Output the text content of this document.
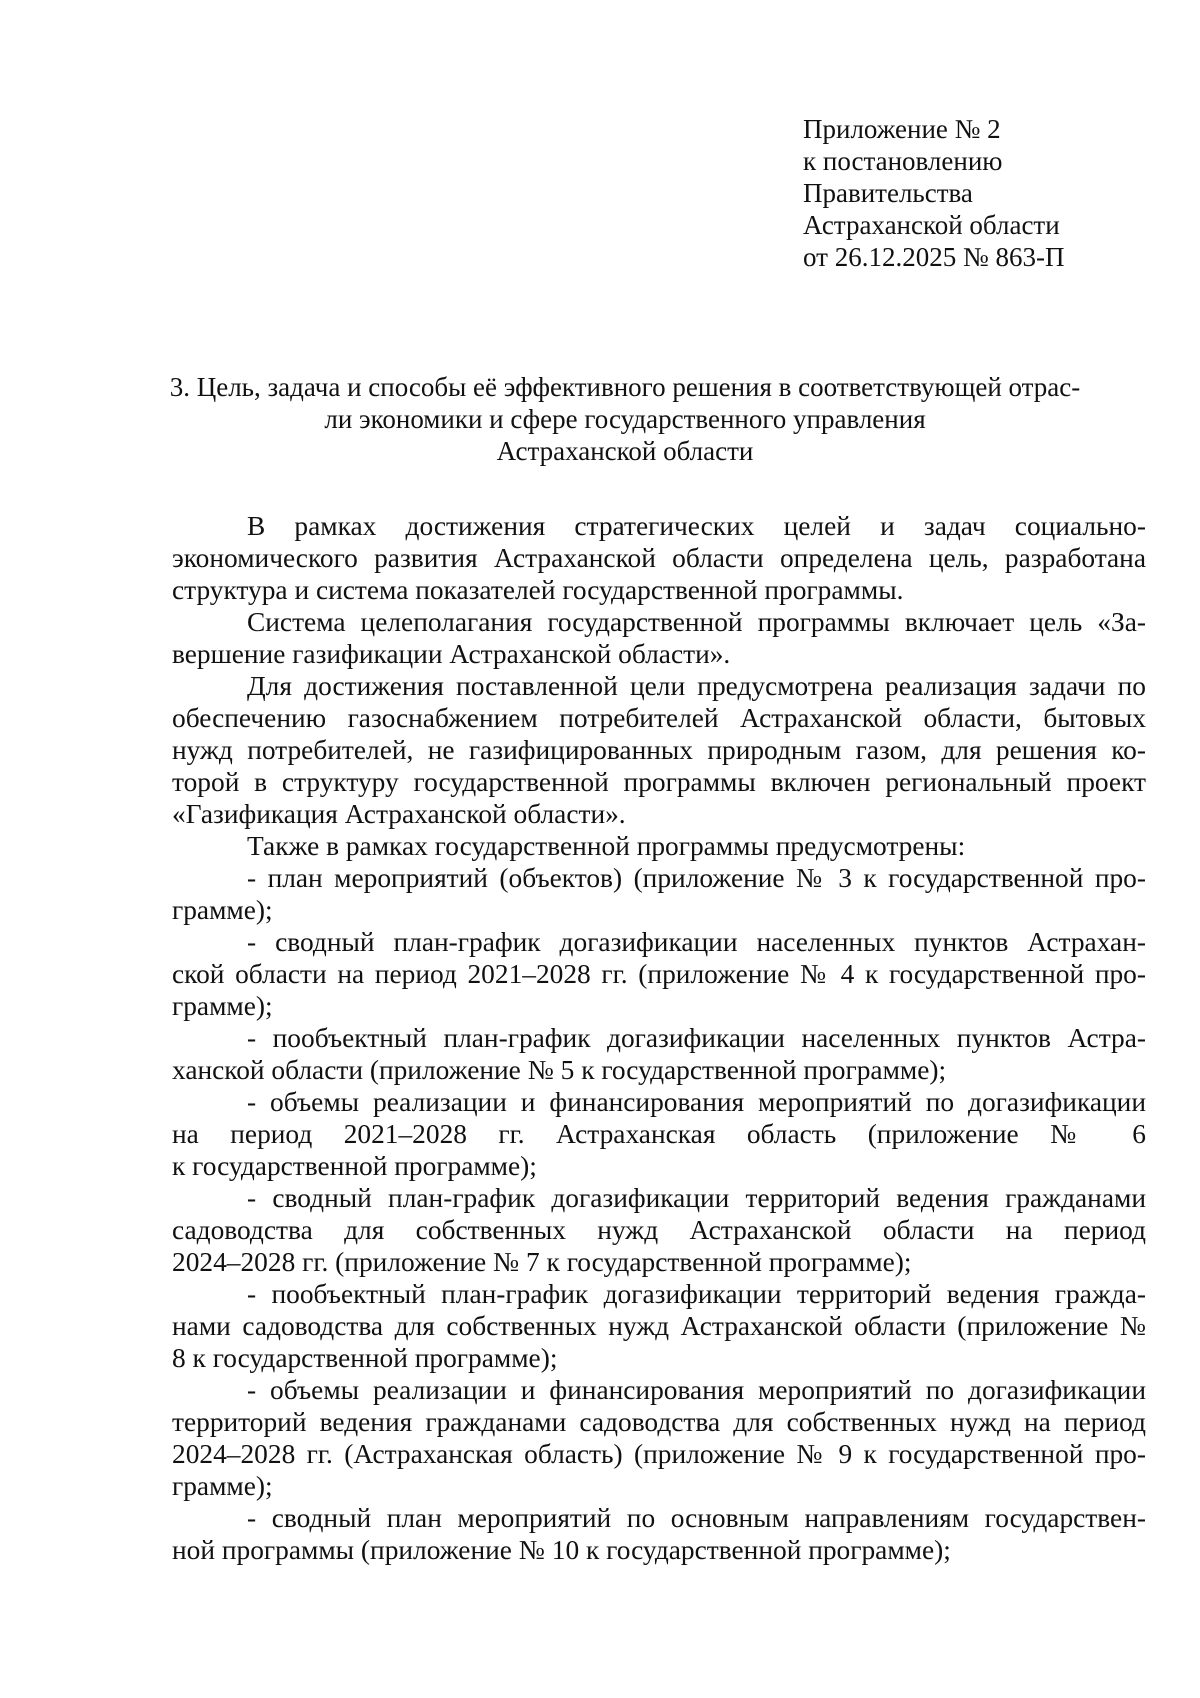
Приложение № 2
к постановлению
Правительства
Астраханской области
от 26.12.2025 № 863-П
3. Цель, задача и способы её эффективного решения в соответствующей отрас-
ли экономики и сфере государственного управления
Астраханской области

В рамках достижения стратегических целей и задач социально-
экономического развития Астраханской области определена цель, разработана
структура и система показателей государственной программы.

Система целеполагания государственной программы включает цель «За-
вершение газификации Астраханской области».

Для достижения поставленной цели предусмотрена реализация задачи по
обеспечению газоснабжением потребителей Астраханской области, бытовых
нужд потребителей, не газифицированных природным газом, для решения ко-
торой в структуру государственной программы включен региональный проект
«Газификация Астраханской области».

Также в рамках государственной программы предусмотрены:

- план мероприятий (объектов) (приложение № 3 к государственной про-
грамме);

- сводный план-график догазификации населенных пунктов Астрахан-
ской области на период 2021–2028 гг. (приложение № 4 к государственной про-
грамме);

- пообъектный план-график догазификации населенных пунктов Астра-
ханской области (приложение № 5 к государственной программе);

- объемы реализации и финансирования мероприятий по догазификации
на период 2021–2028 гг. Астраханская область (приложение № 6
к государственной программе);

- сводный план-график догазификации территорий ведения гражданами
садоводства для собственных нужд Астраханской области на период
2024–2028 гг. (приложение № 7 к государственной программе);

- пообъектный план-график догазификации территорий ведения гражда-
нами садоводства для собственных нужд Астраханской области (приложение №
8 к государственной программе);

- объемы реализации и финансирования мероприятий по догазификации
территорий ведения гражданами садоводства для собственных нужд на период
2024–2028 гг. (Астраханская область) (приложение № 9 к государственной про-
грамме);

- сводный план мероприятий по основным направлениям государствен-
ной программы (приложение № 10 к государственной программе);
